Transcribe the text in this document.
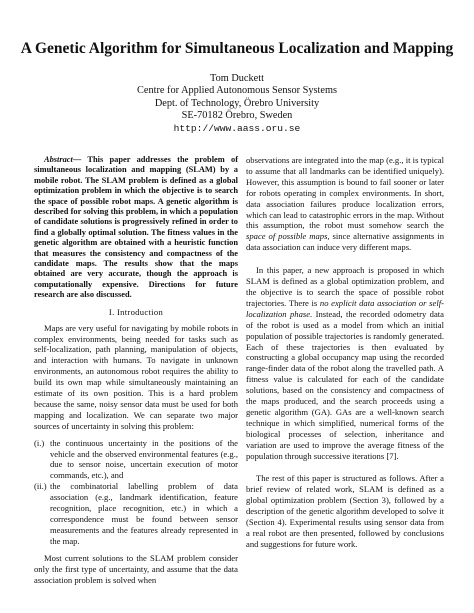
A Genetic Algorithm for Simultaneous Localization and Mapping
Tom Duckett
Centre for Applied Autonomous Sensor Systems
Dept. of Technology, Örebro University
SE-70182 Örebro, Sweden
http://www.aass.oru.se

Abstract— This paper addresses the problem of simultaneous localization and mapping (SLAM) by a mobile robot. The SLAM problem is defined as a global optimization problem in which the objective is to search the space of possible robot maps. A genetic algorithm is described for solving this problem, in which a population of candidate solutions is progressively refined in order to find a globally optimal solution. The fitness values in the genetic algorithm are obtained with a heuristic function that measures the consistency and compactness of the candidate maps. The results show that the maps obtained are very accurate, though the approach is computationally expensive. Directions for future research are also discussed.

I. Introduction

Maps are very useful for navigating by mobile robots in complex environments, being needed for tasks such as self-localization, path planning, manipulation of objects, and interaction with humans. To navigate in unknown environments, an autonomous robot requires the ability to build its own map while simultaneously maintaining an estimate of its own position. This is a hard problem because the same, noisy sensor data must be used for both mapping and localization. We can separate two major sources of uncertainty in solving this problem:

(i.) the continuous uncertainty in the positions of the vehicle and the observed environmental features (e.g., due to sensor noise, uncertain execution of motor commands, etc.), and
(ii.) the combinatorial labelling problem of data association (e.g., landmark identification, feature recognition, place recognition, etc.) in which a correspondence must be found between sensor measurements and the features already represented in the map.

Most current solutions to the SLAM problem consider only the first type of uncertainty, and assume that the data association problem is solved when

observations are integrated into the map (e.g., it is typical to assume that all landmarks can be identified uniquely). However, this assumption is bound to fail sooner or later for robots operating in complex environments. In short, data association failures produce localization errors, which can lead to catastrophic errors in the map. Without this assumption, the robot must somehow search the space of possible maps, since alternative assignments in data association can induce very different maps.

In this paper, a new approach is proposed in which SLAM is defined as a global optimization problem, and the objective is to search the space of possible robot trajectories. There is no explicit data association or self-localization phase. Instead, the recorded odometry data of the robot is used as a model from which an initial population of possible trajectories is randomly generated. Each of these trajectories is then evaluated by constructing a global occupancy map using the recorded range-finder data of the robot along the travelled path. A fitness value is calculated for each of the candidate solutions, based on the consistency and compactness of the maps produced, and the search proceeds using a genetic algorithm (GA). GAs are a well-known search technique in which simplified, numerical forms of the biological processes of selection, inheritance and variation are used to improve the average fitness of the population through successive iterations [7].

The rest of this paper is structured as follows. After a brief review of related work, SLAM is defined as a global optimization problem (Section 3), followed by a description of the genetic algorithm developed to solve it (Section 4). Experimental results using sensor data from a real robot are then presented, followed by conclusions and suggestions for future work.
